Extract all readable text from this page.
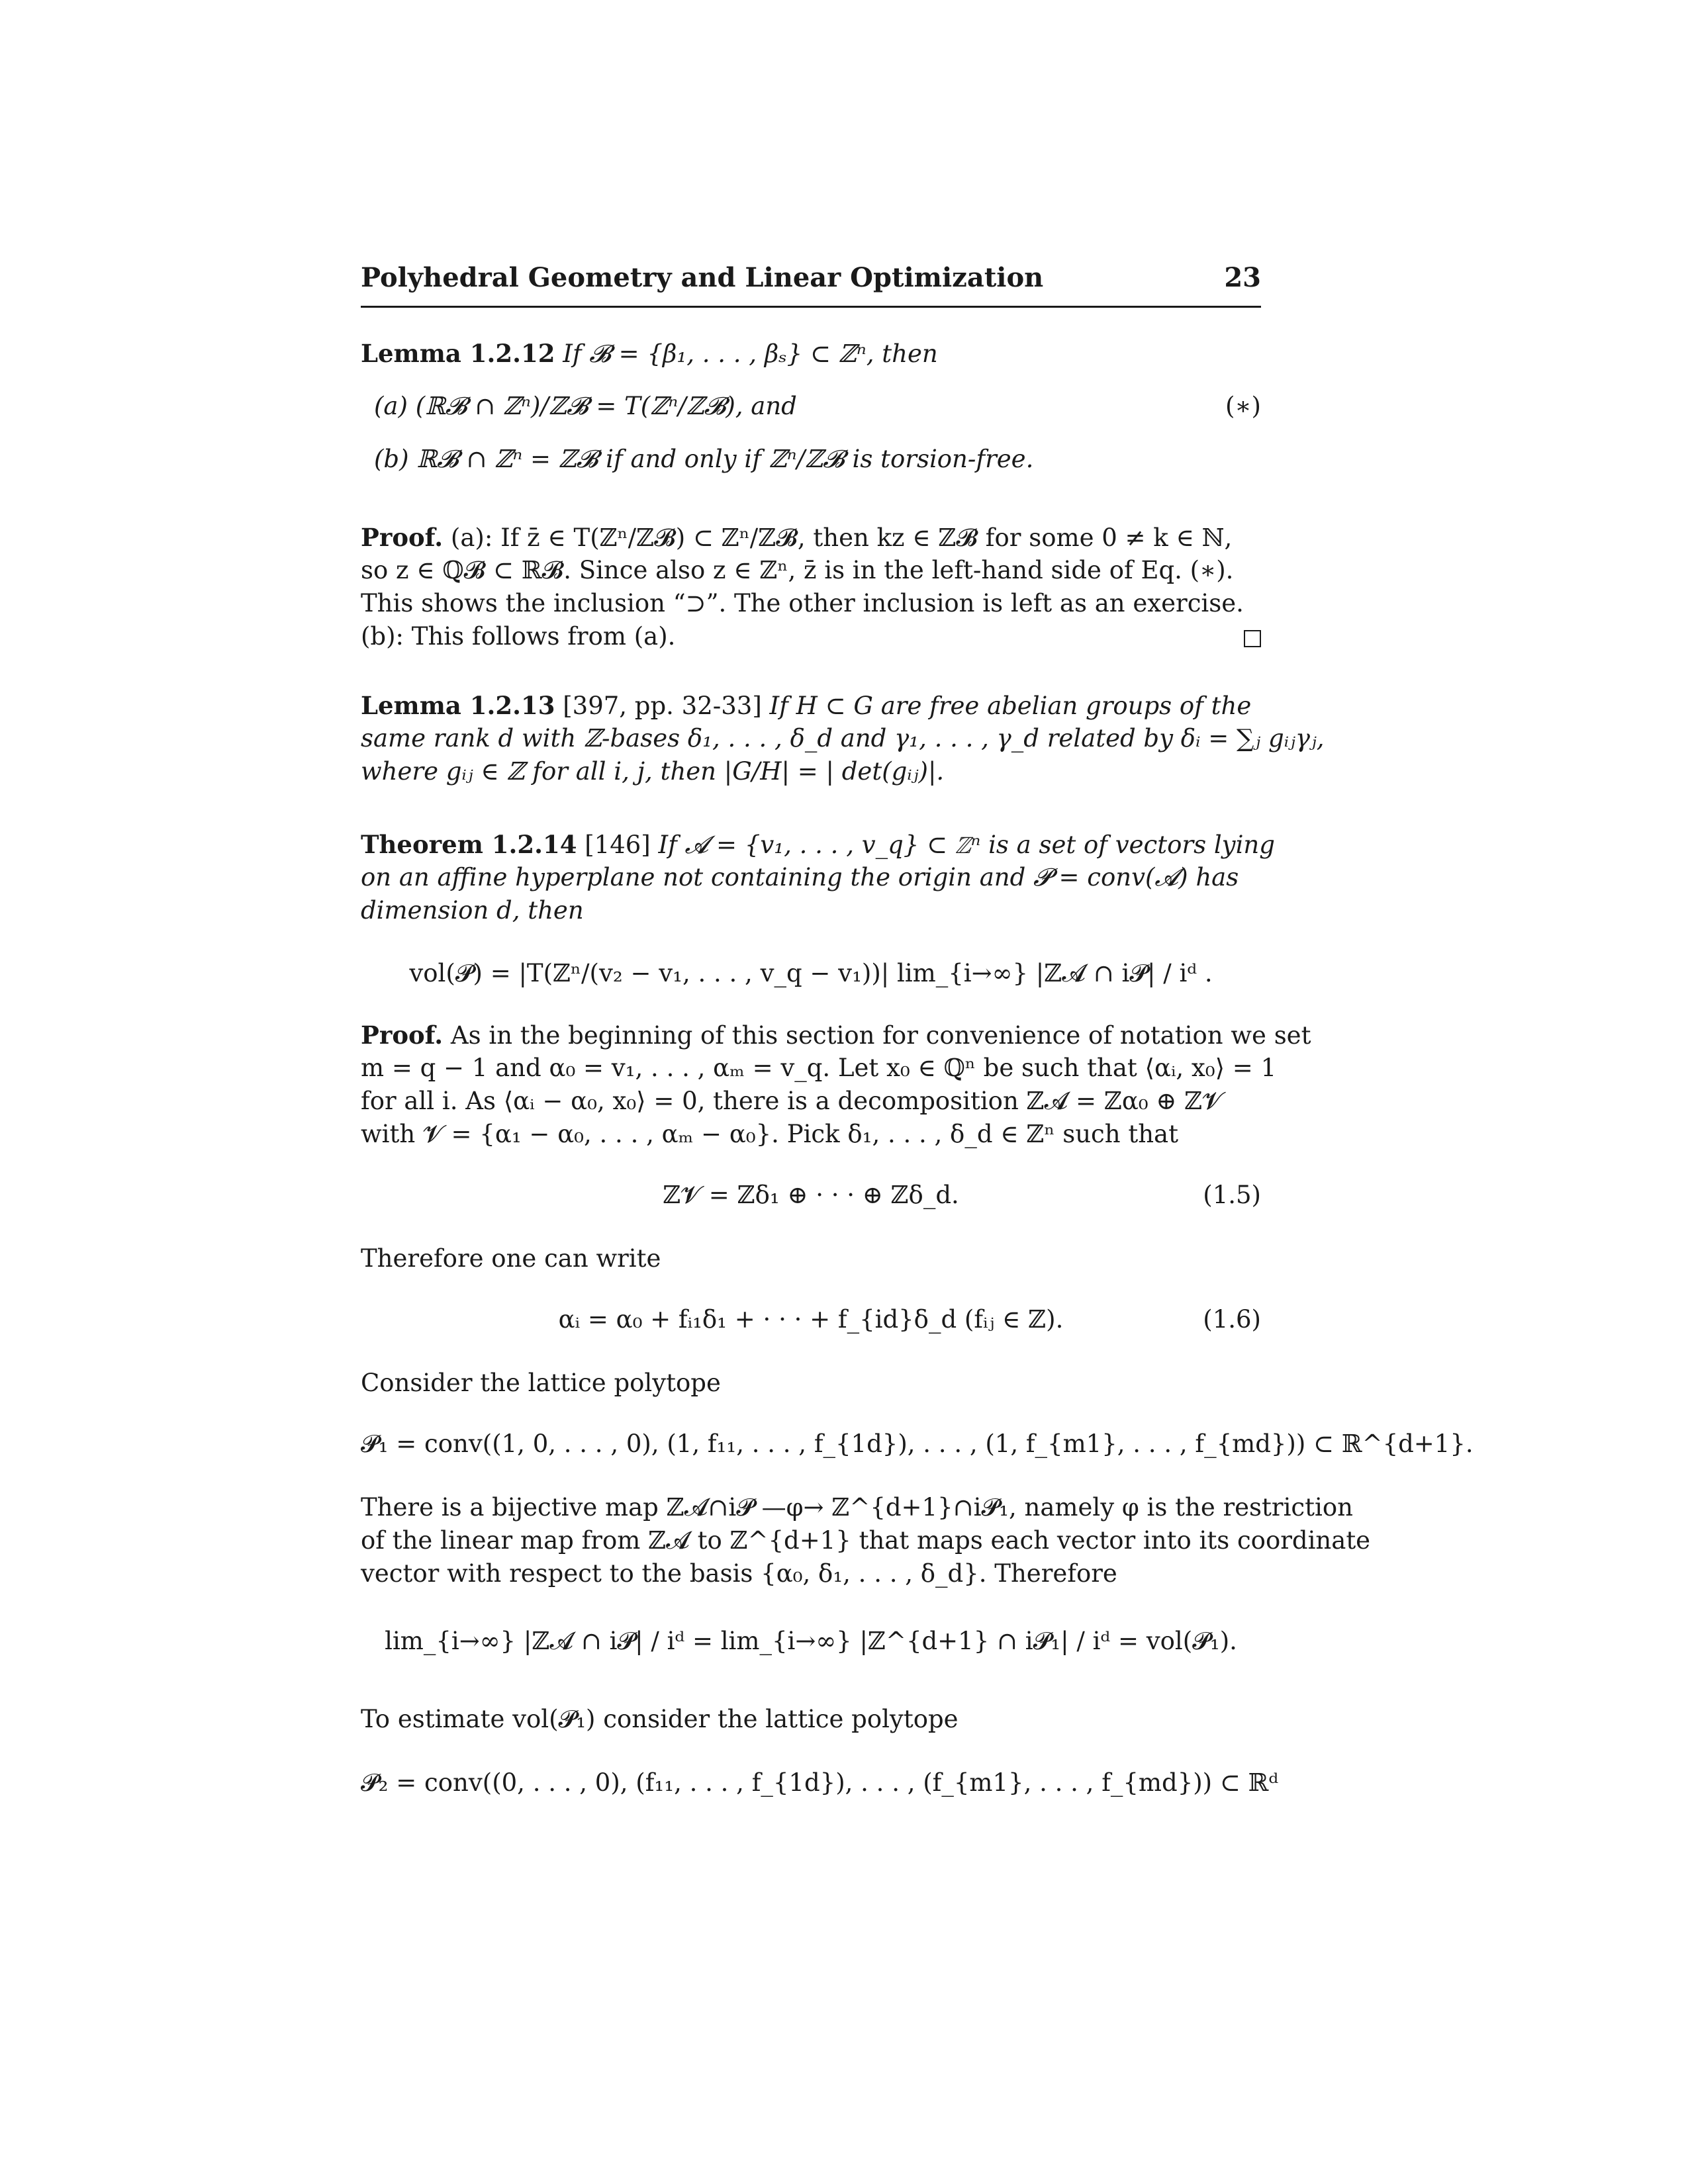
Polyhedral Geometry and Linear Optimization	23
Lemma 1.2.12 If 𝓑 = {β₁, . . . , βₛ} ⊂ ℤⁿ, then
(a) (ℝ𝓑 ∩ ℤⁿ)/ℤ𝓑 = T(ℤⁿ/ℤ𝓑), and	(∗)
(b) ℝ𝓑 ∩ ℤⁿ = ℤ𝓑 if and only if ℤⁿ/ℤ𝓑 is torsion-free.
Proof. (a): If z̄ ∈ T(ℤⁿ/ℤ𝓑) ⊂ ℤⁿ/ℤ𝓑, then kz ∈ ℤ𝓑 for some 0 ≠ k ∈ ℕ,
so z ∈ ℚ𝓑 ⊂ ℝ𝓑. Since also z ∈ ℤⁿ, z̄ is in the left-hand side of Eq. (∗).
This shows the inclusion “⊃”. The other inclusion is left as an exercise.
(b): This follows from (a).
Lemma 1.2.13 [397, pp. 32-33] If H ⊂ G are free abelian groups of the
same rank d with ℤ-bases δ₁, . . . , δ_d and γ₁, . . . , γ_d related by δᵢ = ∑ⱼ gᵢⱼγⱼ,
where gᵢⱼ ∈ ℤ for all i, j, then |G/H| = | det(gᵢⱼ)|.
Theorem 1.2.14 [146] If 𝓐 = {v₁, . . . , v_q} ⊂ ℤⁿ is a set of vectors lying
on an affine hyperplane not containing the origin and 𝓟 = conv(𝓐) has
dimension d, then
vol(𝓟) = |T(ℤⁿ/(v₂ − v₁, . . . , v_q − v₁))| lim_{i→∞} |ℤ𝓐 ∩ i𝓟| / iᵈ .
Proof. As in the beginning of this section for convenience of notation we set
m = q − 1 and α₀ = v₁, . . . , αₘ = v_q. Let x₀ ∈ ℚⁿ be such that ⟨αᵢ, x₀⟩ = 1
for all i. As ⟨αᵢ − α₀, x₀⟩ = 0, there is a decomposition ℤ𝓐 = ℤα₀ ⊕ ℤ𝓥
with 𝓥 = {α₁ − α₀, . . . , αₘ − α₀}. Pick δ₁, . . . , δ_d ∈ ℤⁿ such that
ℤ𝓥 = ℤδ₁ ⊕ · · · ⊕ ℤδ_d.	(1.5)
Therefore one can write
αᵢ = α₀ + fᵢ₁δ₁ + · · · + f_{id}δ_d (fᵢⱼ ∈ ℤ).	(1.6)
Consider the lattice polytope
𝓟₁ = conv((1, 0, . . . , 0), (1, f₁₁, . . . , f_{1d}), . . . , (1, f_{m1}, . . . , f_{md})) ⊂ ℝ^{d+1}.
There is a bijective map ℤ𝓐∩i𝓟 —φ→ ℤ^{d+1}∩i𝓟₁, namely φ is the restriction
of the linear map from ℤ𝓐 to ℤ^{d+1} that maps each vector into its coordinate
vector with respect to the basis {α₀, δ₁, . . . , δ_d}. Therefore
lim_{i→∞} |ℤ𝓐 ∩ i𝓟| / iᵈ = lim_{i→∞} |ℤ^{d+1} ∩ i𝓟₁| / iᵈ = vol(𝓟₁).
To estimate vol(𝓟₁) consider the lattice polytope
𝓟₂ = conv((0, . . . , 0), (f₁₁, . . . , f_{1d}), . . . , (f_{m1}, . . . , f_{md})) ⊂ ℝᵈ
